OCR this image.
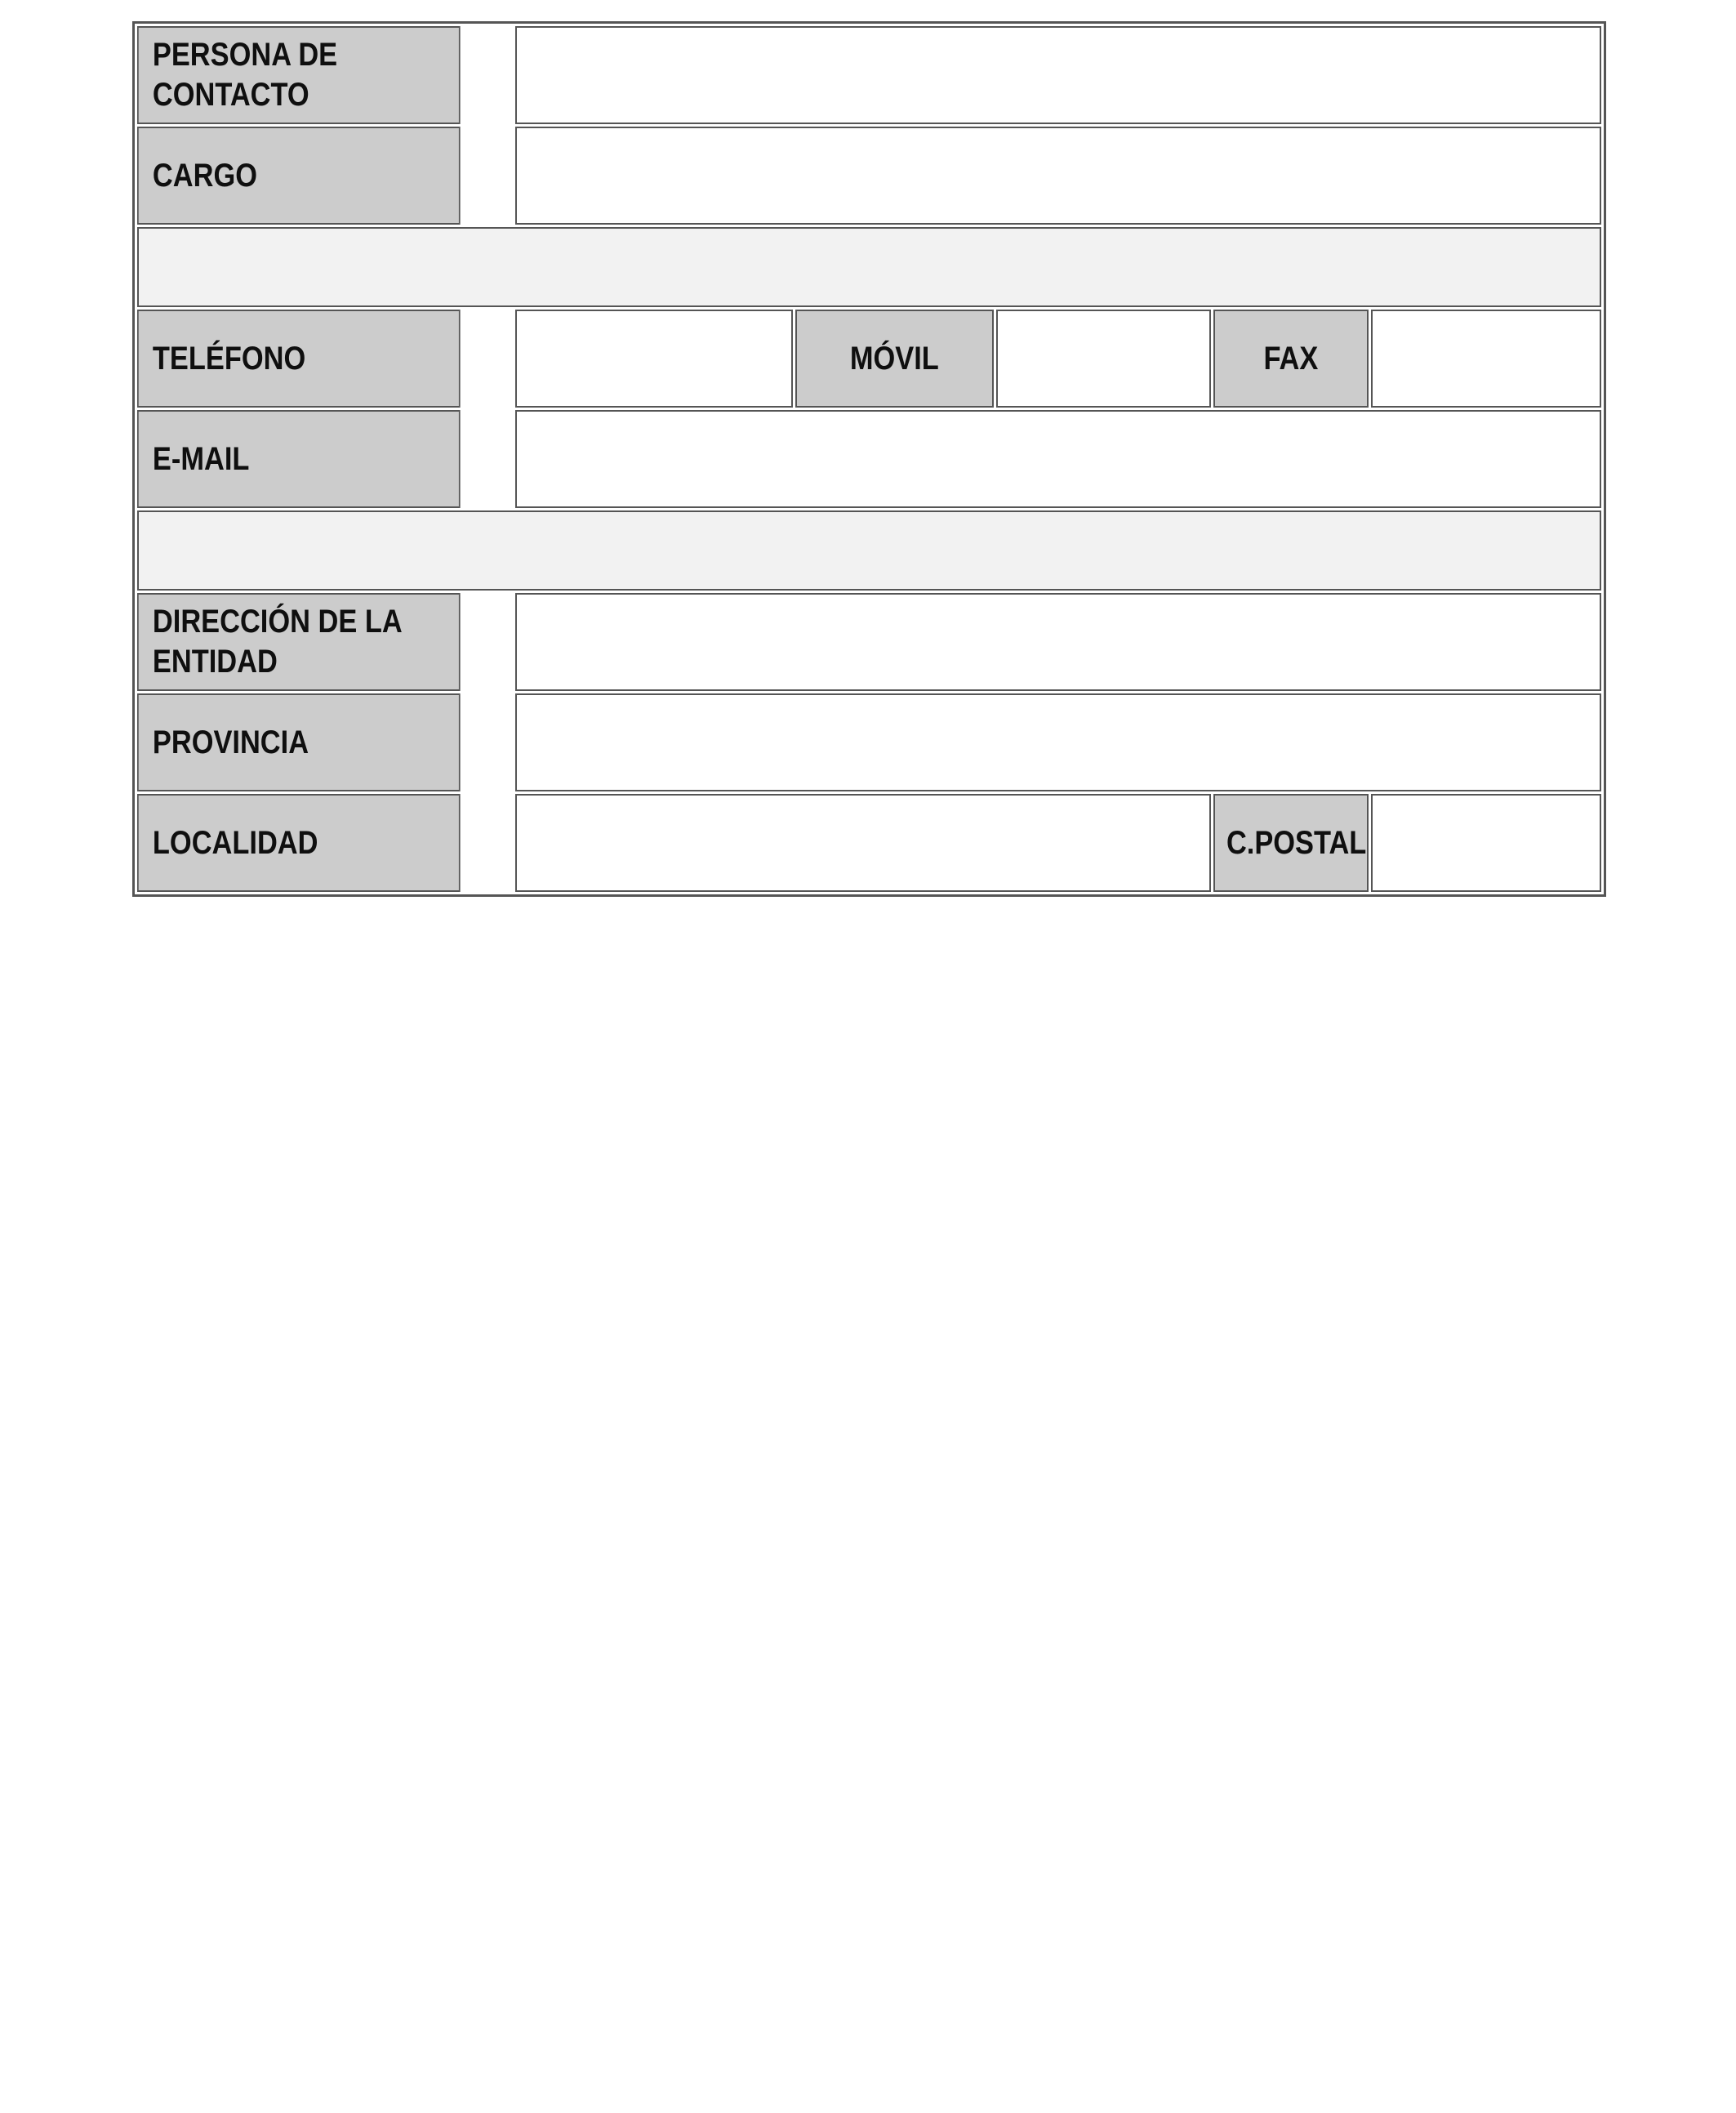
PERSONA DE CONTACTO					
CARGO					

TELÉFONO		MÓVIL		FAX	
E-MAIL					

DIRECCIÓN DE LA ENTIDAD					
PROVINCIA					
LOCALIDAD				C.POSTAL	
